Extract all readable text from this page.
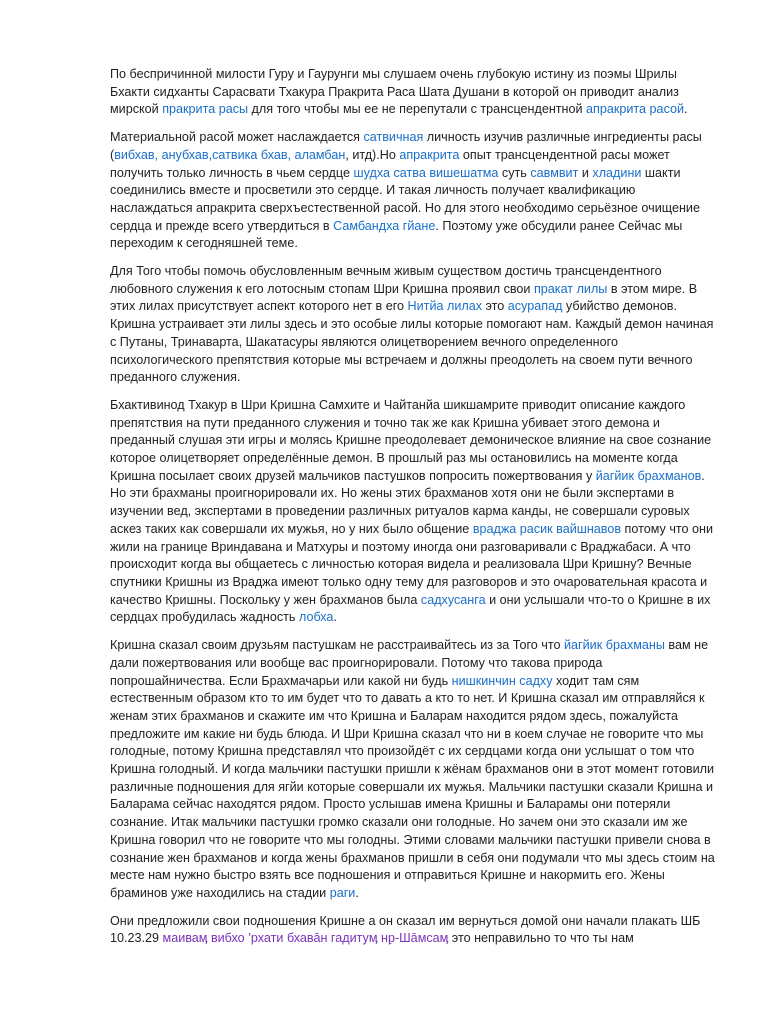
По беспричинной милости Гуру и Гаурунги мы слушаем очень глубокую истину из поэмы Шрилы Бхакти сидханты Сарасвати Тхакура Пракрита Раса Шата Душани в которой он приводит анализ мирской пракрита расы для того чтобы мы ее не перепутали с трансцендентной апракрита расой.

Материальной расой может наслаждается сатвичная личность изучив различные ингредиенты расы (вибхав, анубхав,сатвика бхав, аламбан, итд).Но апракрита опыт трансцендентной расы может получить только личность в чьем сердце шудха сатва вишешатма суть савмвит и хладини шакти соединились вместе и просветили это сердце. И такая личность получает квалификацию наслаждаться апракрита сверхъестественной расой. Но для этого необходимо серьёзное очищение сердца и прежде всего утвердиться в Самбандха гйане. Поэтому уже обсудили ранее Сейчас мы переходим к сегодняшней теме.

Для Того чтобы помочь обусловленным вечным живым существом достичь трансцендентного любовного служения к его лотосным стопам Шри Кришна проявил свои пракат лилы в этом мире. В этих лилах присутствует аспект которого нет в его Нитйа лилах это асурапад убийство демонов. Кришна устраивает эти лилы здесь и это особые лилы которые помогают нам. Каждый демон начиная с Путаны, Тринаварта, Шакатасуры являются олицетворением вечного определенного психологического препятствия которые мы встречаем и должны преодолеть на своем пути вечного преданного служения.

Бхактивинод Тхакур в Шри Кришна Самхите и Чайтанйа шикшамрите приводит описание каждого препятствия на пути преданного служения и точно так же как Кришна убивает этого демона и преданный слушая эти игры и моляcь Кришне преодолевает демоническое влияние на свое сознание которое олицетворяет определённые демон. В прошлый раз мы остановились на моменте когда Кришна посылает своих друзей мальчиков пастушков попросить пожертвования у йагйик брахманов. Но эти брахманы проигнорировали их. Но жены этих брахманов хотя они не были экспертами в изучении вед, экспертами в проведении различных ритуалов карма канды, не совершали суровых аскез таких как совершали их мужья, но у них было общение враджа расик вайшнавов потому что они жили на границе Вриндавана и Матхуры и поэтому иногда они разговаривали с Враджабаси. А что происходит когда вы общаетесь с личностью которая видела и реализовала Шри Кришну? Вечные спутники Кришны из Враджа имеют только одну тему для разговоров и это очаровательная красота и качество Кришны. Поскольку у жен брахманов была садхусанга и они услышали что-то о Кришне в их сердцах пробудилась жадность лобха.

Кришна сказал своим друзьям пастушкам не расстраивайтесь из за Того что йагйик брахманы вам не дали пожертвования или вообще вас проигнорировали. Потому что такова природа попрошайничества. Если Брахмачарьи или какой ни будь нишкинчин садху ходит там сям естественным образом кто то им будет что то давать а кто то нет. И Кришна сказал им отправляйся к женам этих брахманов и скажите им что Кришна и Баларам находится рядом здесь, пожалуйста предложите им какие ни будь блюда. И Шри Кришна сказал что ни в коем случае не говорите что мы голодные, потому Кришна представлял что произойдёт с их сердцами когда они услышат о том что Кришна голодный. И когда мальчики пастушки пришли к жёнам брахманов они в этот момент готовили различные подношения для ягйи которые совершали их мужья. Мальчики пастушки сказали Кришна и Баларама сейчас находятся рядом. Просто услышав имена Кришны и Баларамы они потеряли сознание. Итак мальчики пастушки громко сказали они голодные. Но зачем они это сказали им же Кришна говорил что не говорите что мы голодны. Этими словами мальчики пастушки привели снова в сознание жен брахманов и когда жены брахманов пришли в себя они подумали что мы здесь стоим на месте нам нужно быстро взять все подношения и отправиться Кришне и накормить его. Жены браминов уже находились на стадии раги.

Они предложили свои подношения Кришне а он сказал им вернуться домой они начали плакать ШБ 10.23.29 маиваӎ вибхо ’рхати бхава̄н гадитуӎ нр̣-Ша̄мсаӎ это неправильно то что ты нам
